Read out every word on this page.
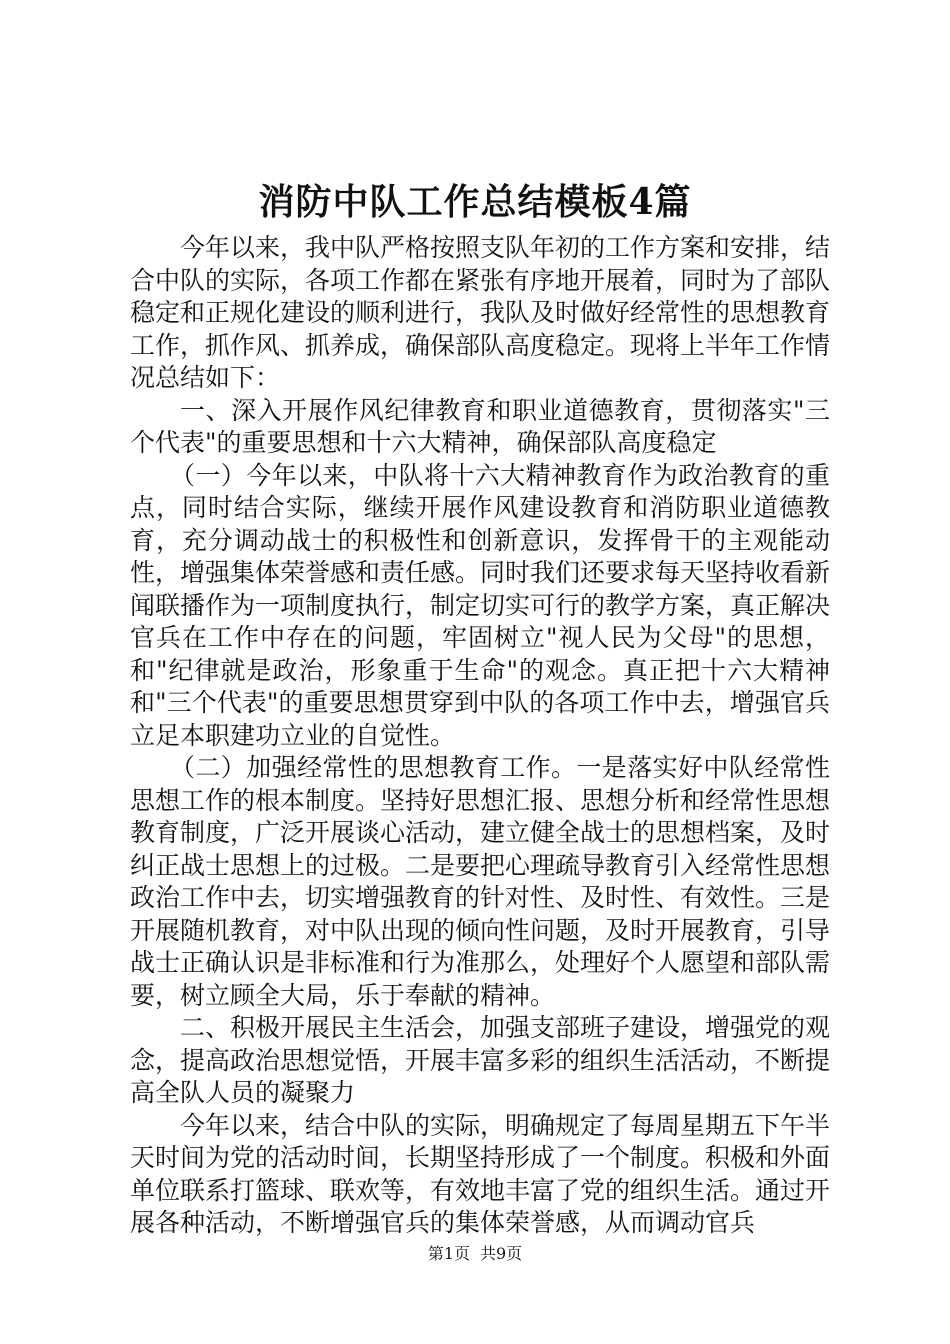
消防中队工作总结模板4篇

今年以来，我中队严格按照支队年初的工作方案和安排，结合中队的实际，各项工作都在紧张有序地开展着，同时为了部队稳定和正规化建设的顺利进行，我队及时做好经常性的思想教育工作，抓作风、抓养成，确保部队高度稳定。现将上半年工作情况总结如下：

一、深入开展作风纪律教育和职业道德教育，贯彻落实"三个代表"的重要思想和十六大精神，确保部队高度稳定

（一）今年以来，中队将十六大精神教育作为政治教育的重点，同时结合实际，继续开展作风建设教育和消防职业道德教育，充分调动战士的积极性和创新意识，发挥骨干的主观能动性，增强集体荣誉感和责任感。同时我们还要求每天坚持收看新闻联播作为一项制度执行，制定切实可行的教学方案，真正解决官兵在工作中存在的问题，牢固树立"视人民为父母"的思想，和"纪律就是政治，形象重于生命"的观念。真正把十六大精神和"三个代表"的重要思想贯穿到中队的各项工作中去，增强官兵立足本职建功立业的自觉性。

（二）加强经常性的思想教育工作。一是落实好中队经常性思想工作的根本制度。坚持好思想汇报、思想分析和经常性思想教育制度，广泛开展谈心活动，建立健全战士的思想档案，及时纠正战士思想上的过极。二是要把心理疏导教育引入经常性思想政治工作中去，切实增强教育的针对性、及时性、有效性。三是开展随机教育，对中队出现的倾向性问题，及时开展教育，引导战士正确认识是非标准和行为准那么，处理好个人愿望和部队需要，树立顾全大局，乐于奉献的精神。

二、积极开展民主生活会，加强支部班子建设，增强党的观念，提高政治思想觉悟，开展丰富多彩的组织生活活动，不断提高全队人员的凝聚力

今年以来，结合中队的实际，明确规定了每周星期五下午半天时间为党的活动时间，长期坚持形成了一个制度。积极和外面单位联系打篮球、联欢等，有效地丰富了党的组织生活。通过开展各种活动，不断增强官兵的集体荣誉感，从而调动官兵

第1页 共9页
